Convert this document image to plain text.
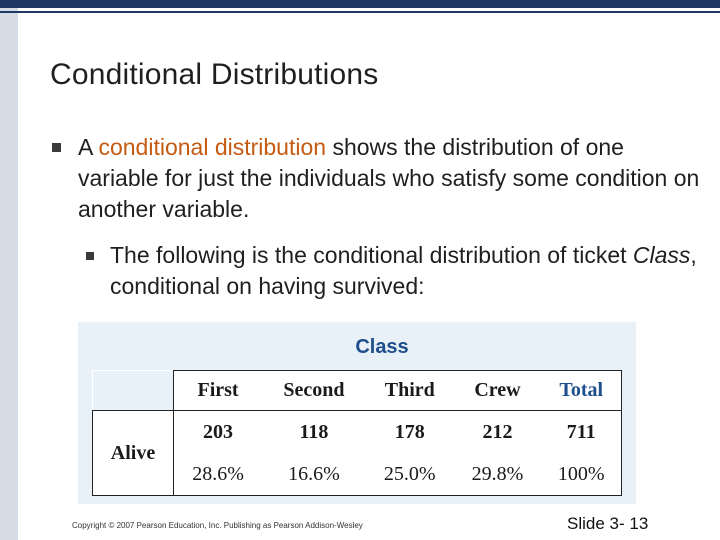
Conditional Distributions
A conditional distribution shows the distribution of one variable for just the individuals who satisfy some condition on another variable.
The following is the conditional distribution of ticket Class, conditional on having survived:
Class
	First	Second	Third	Crew	Total
Alive	203	118	178	212	711
	28.6%	16.6%	25.0%	29.8%	100%
Copyright © 2007 Pearson Education, Inc. Publishing as Pearson Addison-Wesley	Slide 3- 13
